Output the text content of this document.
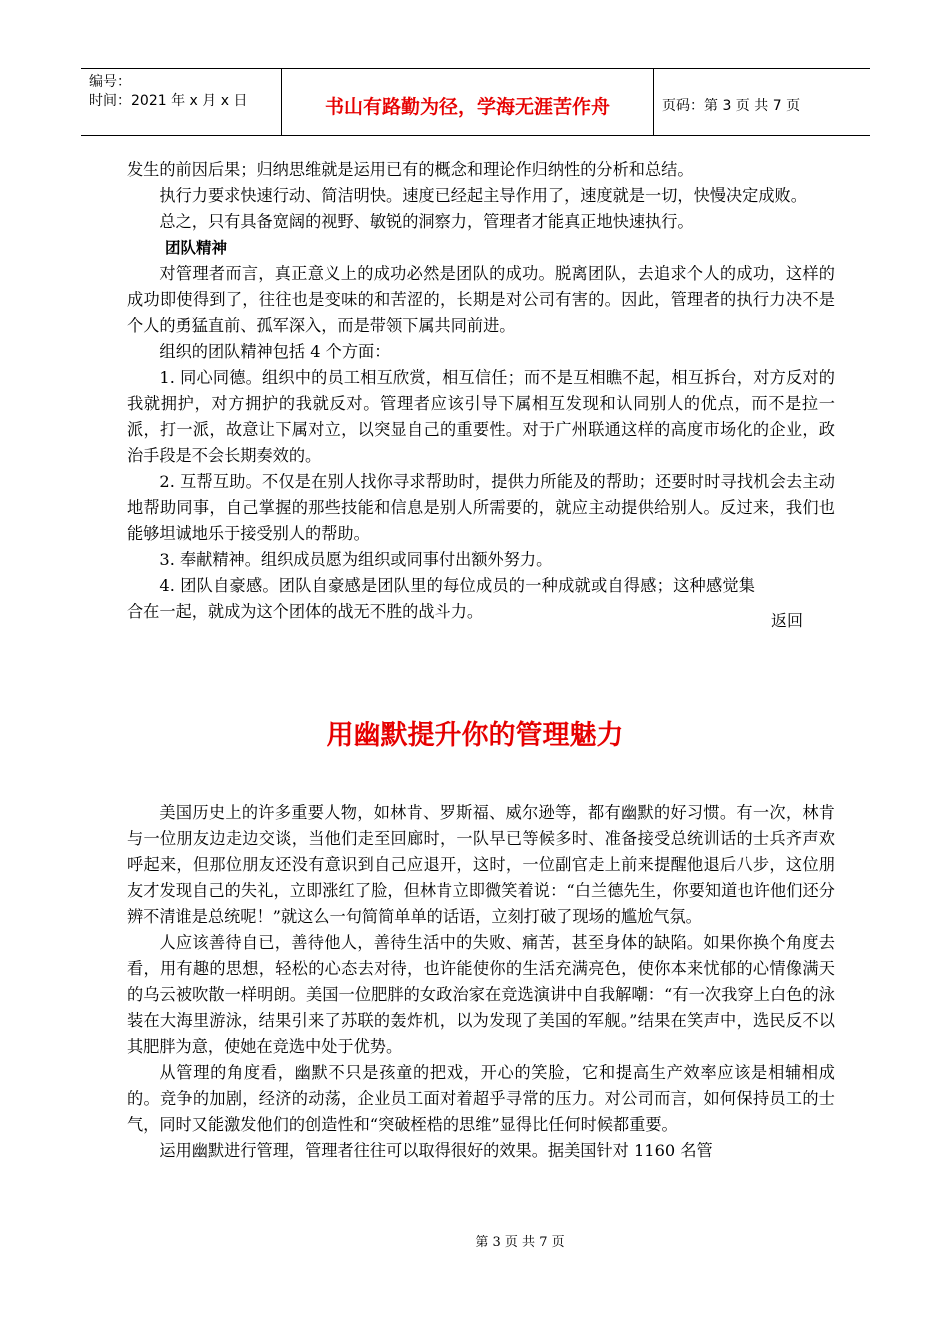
编号：
时间：2021 年 x 月 x 日	书山有路勤为径，学海无涯苦作舟	页码：第 3 页 共 7 页

发生的前因后果；归纳思维就是运用已有的概念和理论作归纳性的分析和总结。

执行力要求快速行动、简洁明快。速度已经起主导作用了，速度就是一切，快慢决定成败。

总之，只有具备宽阔的视野、敏锐的洞察力，管理者才能真正地快速执行。

团队精神

对管理者而言，真正意义上的成功必然是团队的成功。脱离团队，去追求个人的成功，这样的成功即使得到了，往往也是变味的和苦涩的，长期是对公司有害的。因此，管理者的执行力决不是个人的勇猛直前、孤军深入，而是带领下属共同前进。

组织的团队精神包括 4 个方面：

1. 同心同德。组织中的员工相互欣赏，相互信任；而不是互相瞧不起，相互拆台，对方反对的我就拥护，对方拥护的我就反对。管理者应该引导下属相互发现和认同别人的优点，而不是拉一派，打一派，故意让下属对立，以突显自己的重要性。对于广州联通这样的高度市场化的企业，政治手段是不会长期奏效的。

2. 互帮互助。不仅是在别人找你寻求帮助时，提供力所能及的帮助；还要时时寻找机会去主动地帮助同事，自己掌握的那些技能和信息是别人所需要的，就应主动提供给别人。反过来，我们也能够坦诚地乐于接受别人的帮助。

3. 奉献精神。组织成员愿为组织或同事付出额外努力。

4. 团队自豪感。团队自豪感是团队里的每位成员的一种成就或自得感；这种感觉集合在一起，就成为这个团体的战无不胜的战斗力。	返回
用幽默提升你的管理魅力

美国历史上的许多重要人物，如林肯、罗斯福、威尔逊等，都有幽默的好习惯。有一次，林肯与一位朋友边走边交谈，当他们走至回廊时，一队早已等候多时、准备接受总统训话的士兵齐声欢呼起来，但那位朋友还没有意识到自己应退开，这时，一位副官走上前来提醒他退后八步，这位朋友才发现自己的失礼，立即涨红了脸，但林肯立即微笑着说：“白兰德先生，你要知道也许他们还分辨不清谁是总统呢！”就这么一句简简单单的话语，立刻打破了现场的尴尬气氛。

人应该善待自已，善待他人，善待生活中的失败、痛苦，甚至身体的缺陷。如果你换个角度去看，用有趣的思想，轻松的心态去对待，也许能使你的生活充满亮色，使你本来忧郁的心情像满天的乌云被吹散一样明朗。美国一位肥胖的女政治家在竞选演讲中自我解嘲：“有一次我穿上白色的泳装在大海里游泳，结果引来了苏联的轰炸机，以为发现了美国的军舰。”结果在笑声中，选民反不以其肥胖为意，使她在竞选中处于优势。

从管理的角度看，幽默不只是孩童的把戏，开心的笑脸，它和提高生产效率应该是相辅相成的。竞争的加剧，经济的动荡，企业员工面对着超乎寻常的压力。对公司而言，如何保持员工的士气，同时又能激发他们的创造性和“突破桎梏的思维”显得比任何时候都重要。

运用幽默进行管理，管理者往往可以取得很好的效果。据美国针对 1160 名管

第 3 页 共 7 页
